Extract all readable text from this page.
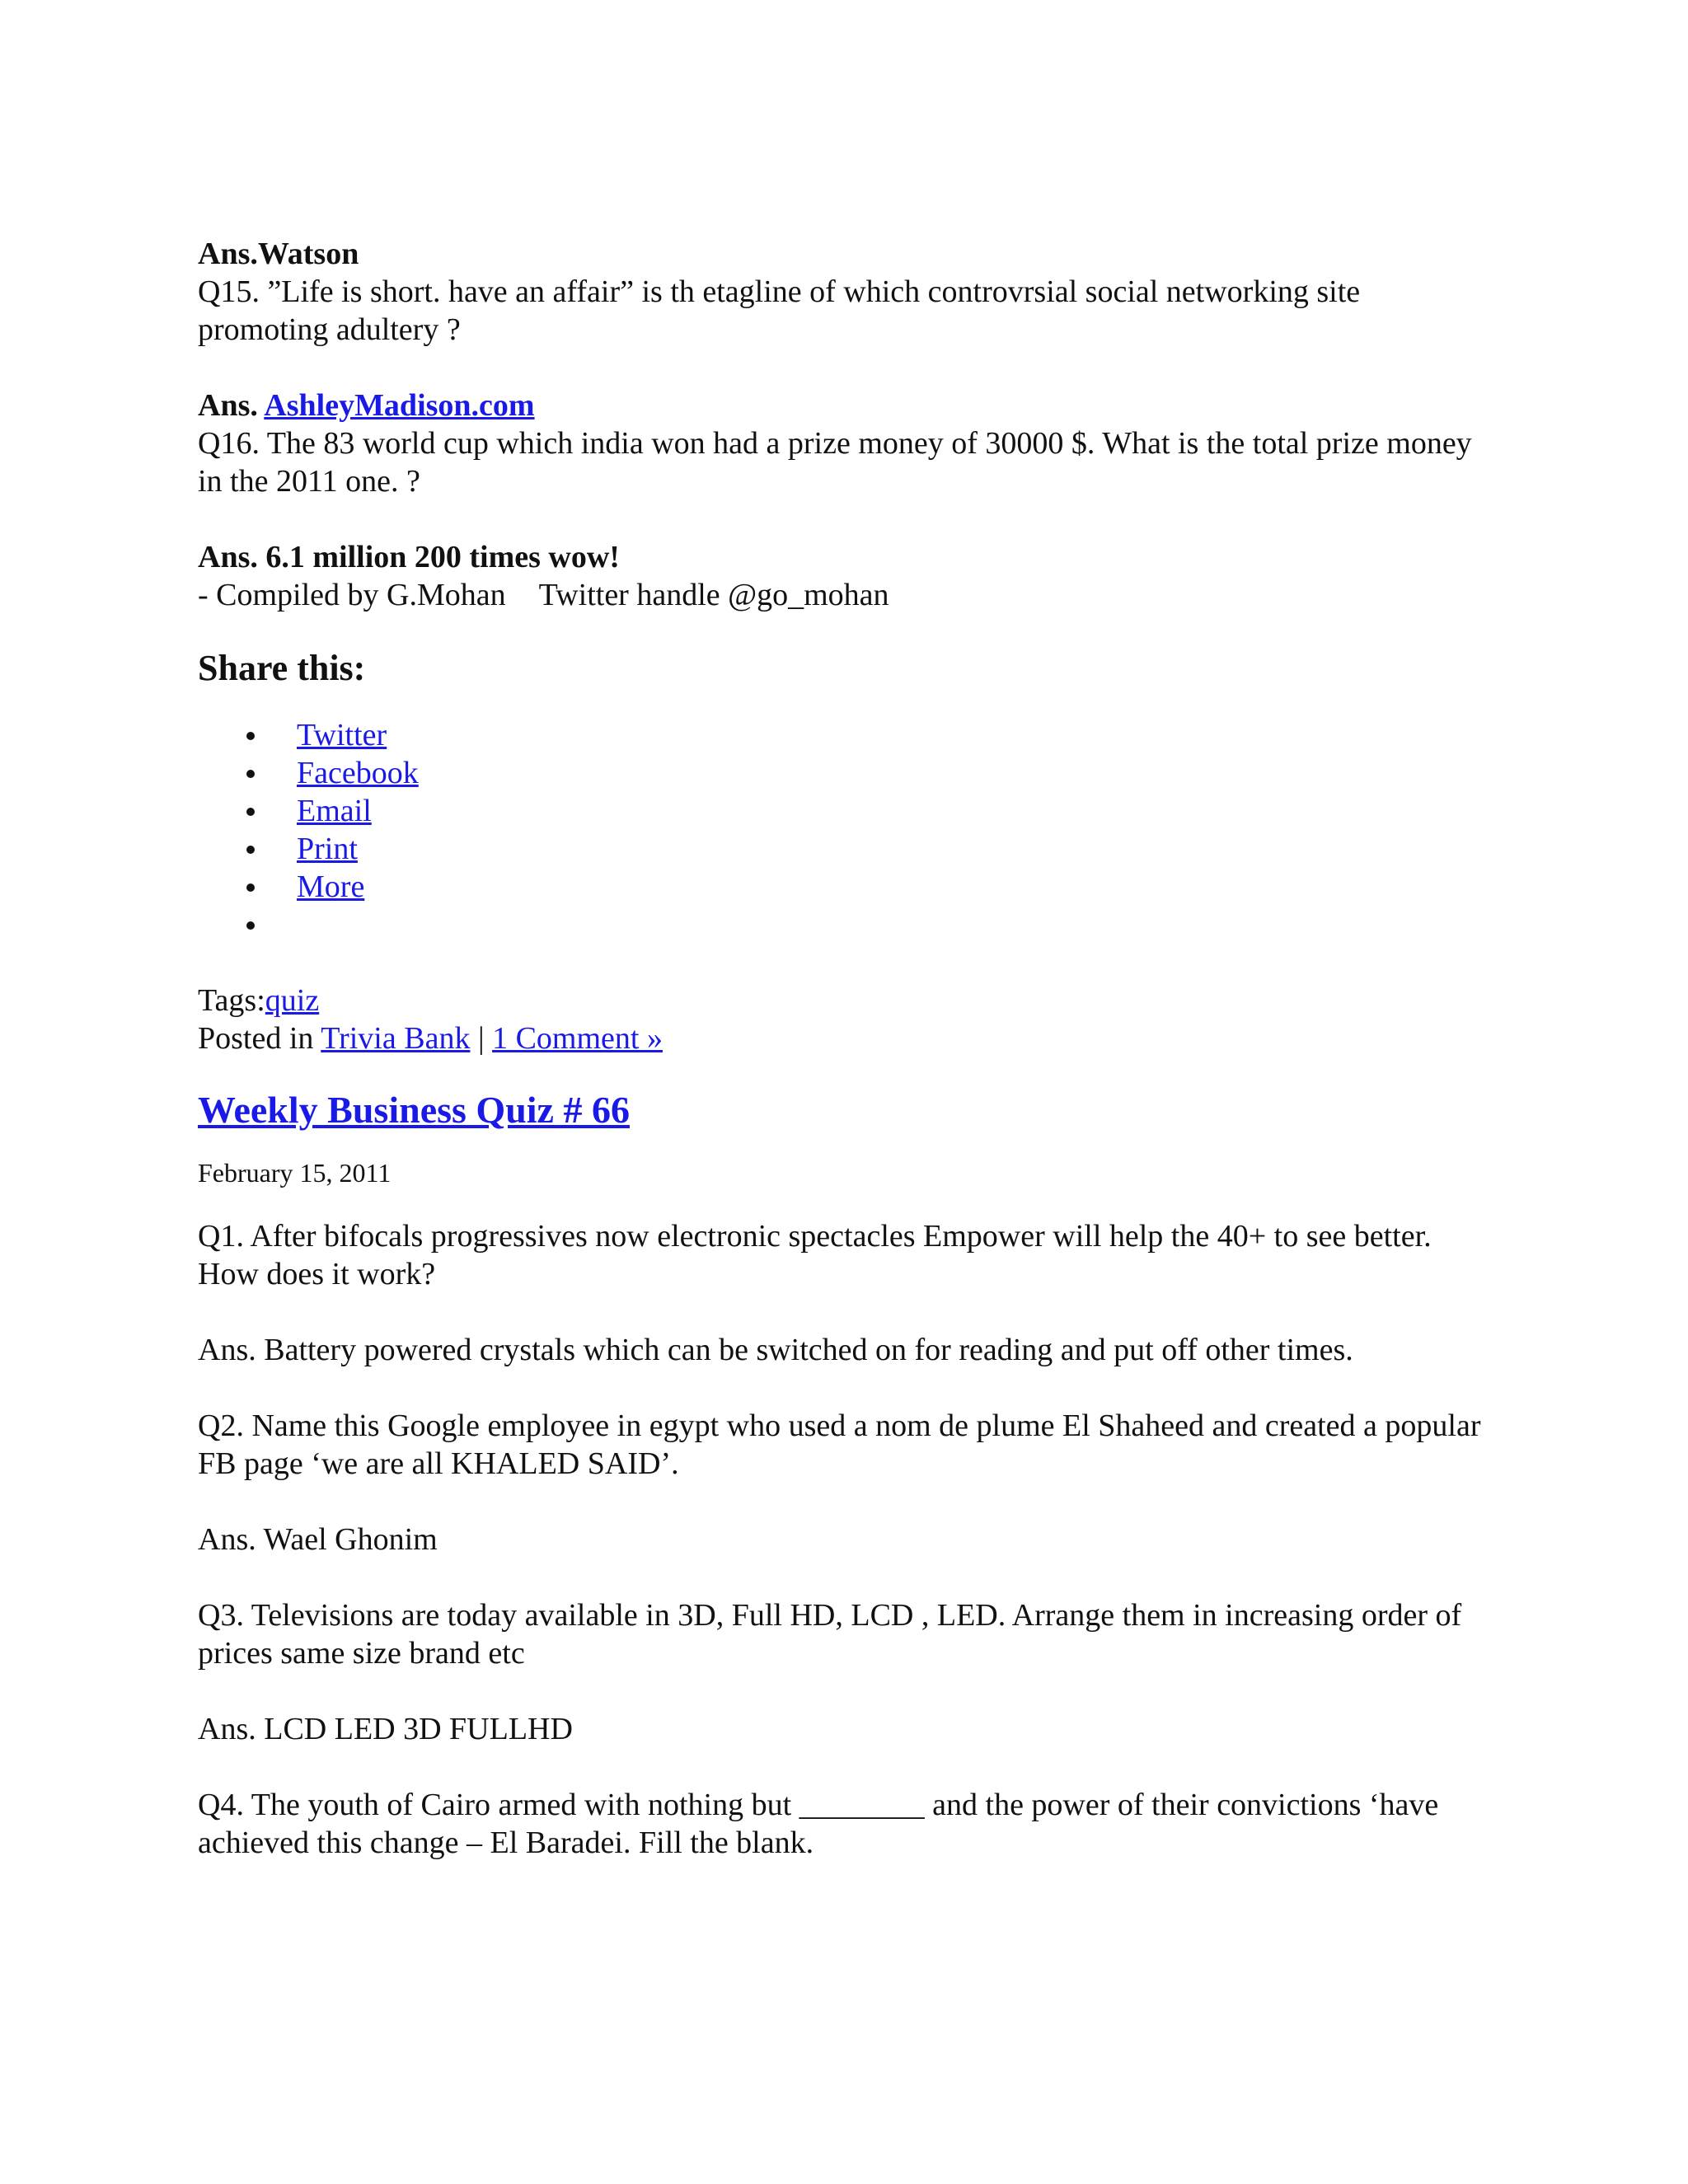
Ans.Watson

Q15. ”Life is short. have an affair” is th etagline of which controvrsial social networking site promoting adultery ?

Ans. AshleyMadison.com

Q16. The 83 world cup which india won had a prize money of 30000 $. What is the total prize money in the 2011 one. ?

Ans. 6.1 million 200 times wow!

- Compiled by G.Mohan Twitter handle @go_mohan

Share this:
Twitter
Facebook
Email
Print
More

Tags:quiz

Posted in Trivia Bank | 1 Comment »

Weekly Business Quiz # 66

February 15, 2011

Q1. After bifocals progressives now electronic spectacles Empower will help the 40+ to see better. How does it work?

Ans. Battery powered crystals which can be switched on for reading and put off other times.

Q2. Name this Google employee in egypt who used a nom de plume El Shaheed and created a popular FB page ‘we are all KHALED SAID’.

Ans. Wael Ghonim

Q3. Televisions are today available in 3D, Full HD, LCD , LED. Arrange them in increasing order of prices same size brand etc

Ans. LCD LED 3D FULLHD

Q4. The youth of Cairo armed with nothing but ________ and the power of their convictions ‘have achieved this change – El Baradei. Fill the blank.
